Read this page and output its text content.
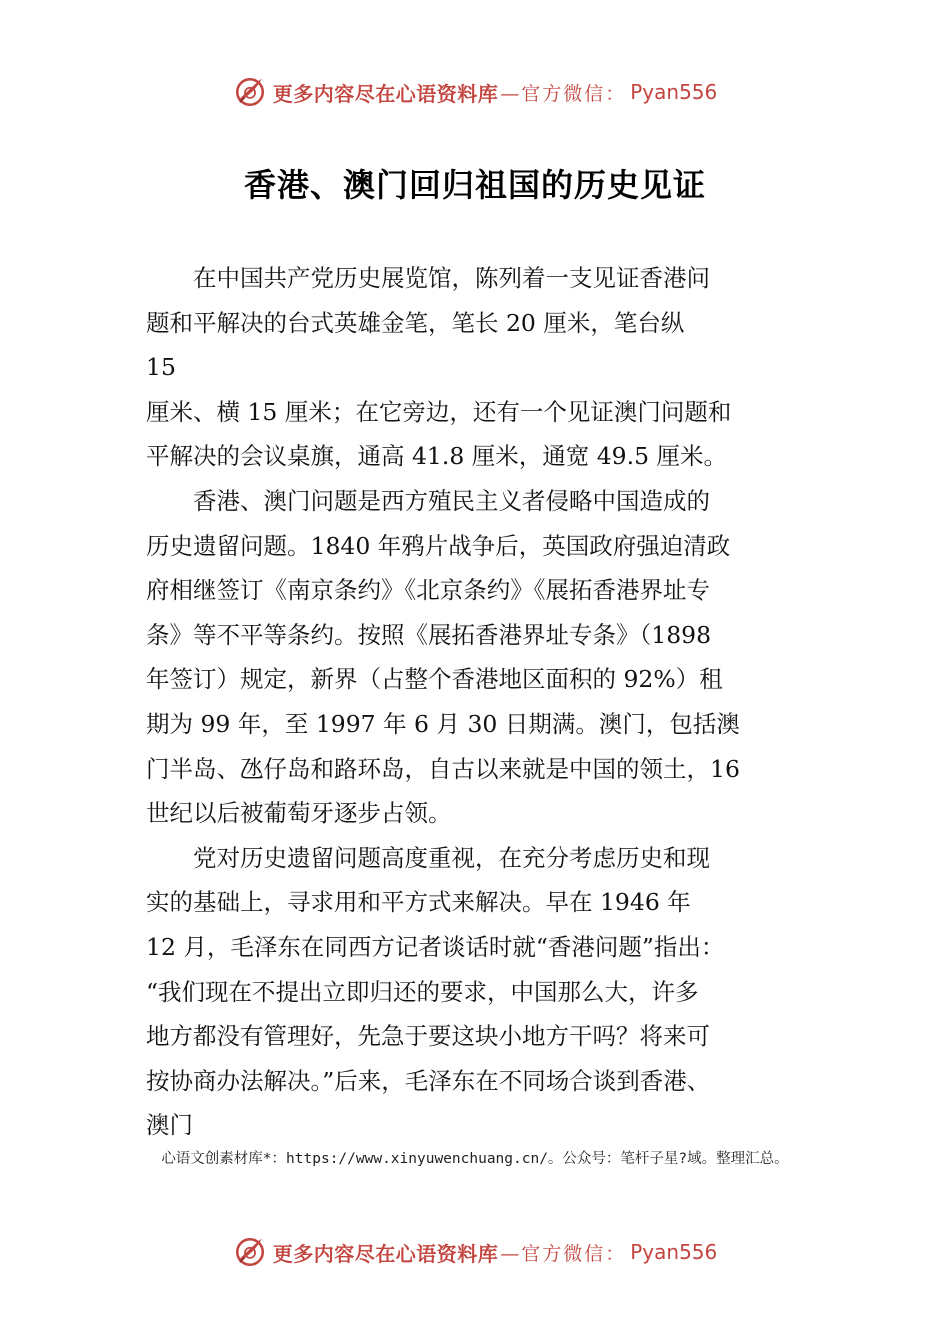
更多内容尽在心语资料库 —官方微信： Pyan556
香港、澳门回归祖国的历史见证
　　在中国共产党历史展览馆，陈列着一支见证香港问
题和平解决的台式英雄金笔，笔长 20 厘米，笔台纵
15
厘米、横 15 厘米；在它旁边，还有一个见证澳门问题和
平解决的会议桌旗，通高 41.8 厘米，通宽 49.5 厘米。
　　香港、澳门问题是西方殖民主义者侵略中国造成的
历史遗留问题。1840 年鸦片战争后，英国政府强迫清政
府相继签订《南京条约》《北京条约》《展拓香港界址专
条》等不平等条约。按照《展拓香港界址专条》（1898
年签订）规定，新界（占整个香港地区面积的 92%）租
期为 99 年，至 1997 年 6 月 30 日期满。澳门，包括澳
门半岛、氹仔岛和路环岛，自古以来就是中国的领土，16
世纪以后被葡萄牙逐步占领。
　　党对历史遗留问题高度重视，在充分考虑历史和现
实的基础上，寻求用和平方式来解决。早在 1946 年
12 月，毛泽东在同西方记者谈话时就“香港问题”指出：
“我们现在不提出立即归还的要求，中国那么大，许多
地方都没有管理好，先急于要这块小地方干吗？将来可
按协商办法解决。”后来，毛泽东在不同场合谈到香港、
澳门
心语文创素材库*：https://www.xinyuwenchuang.cn/。公众号：笔杆子星?域。整理汇总。
更多内容尽在心语资料库 —官方微信： Pyan556
